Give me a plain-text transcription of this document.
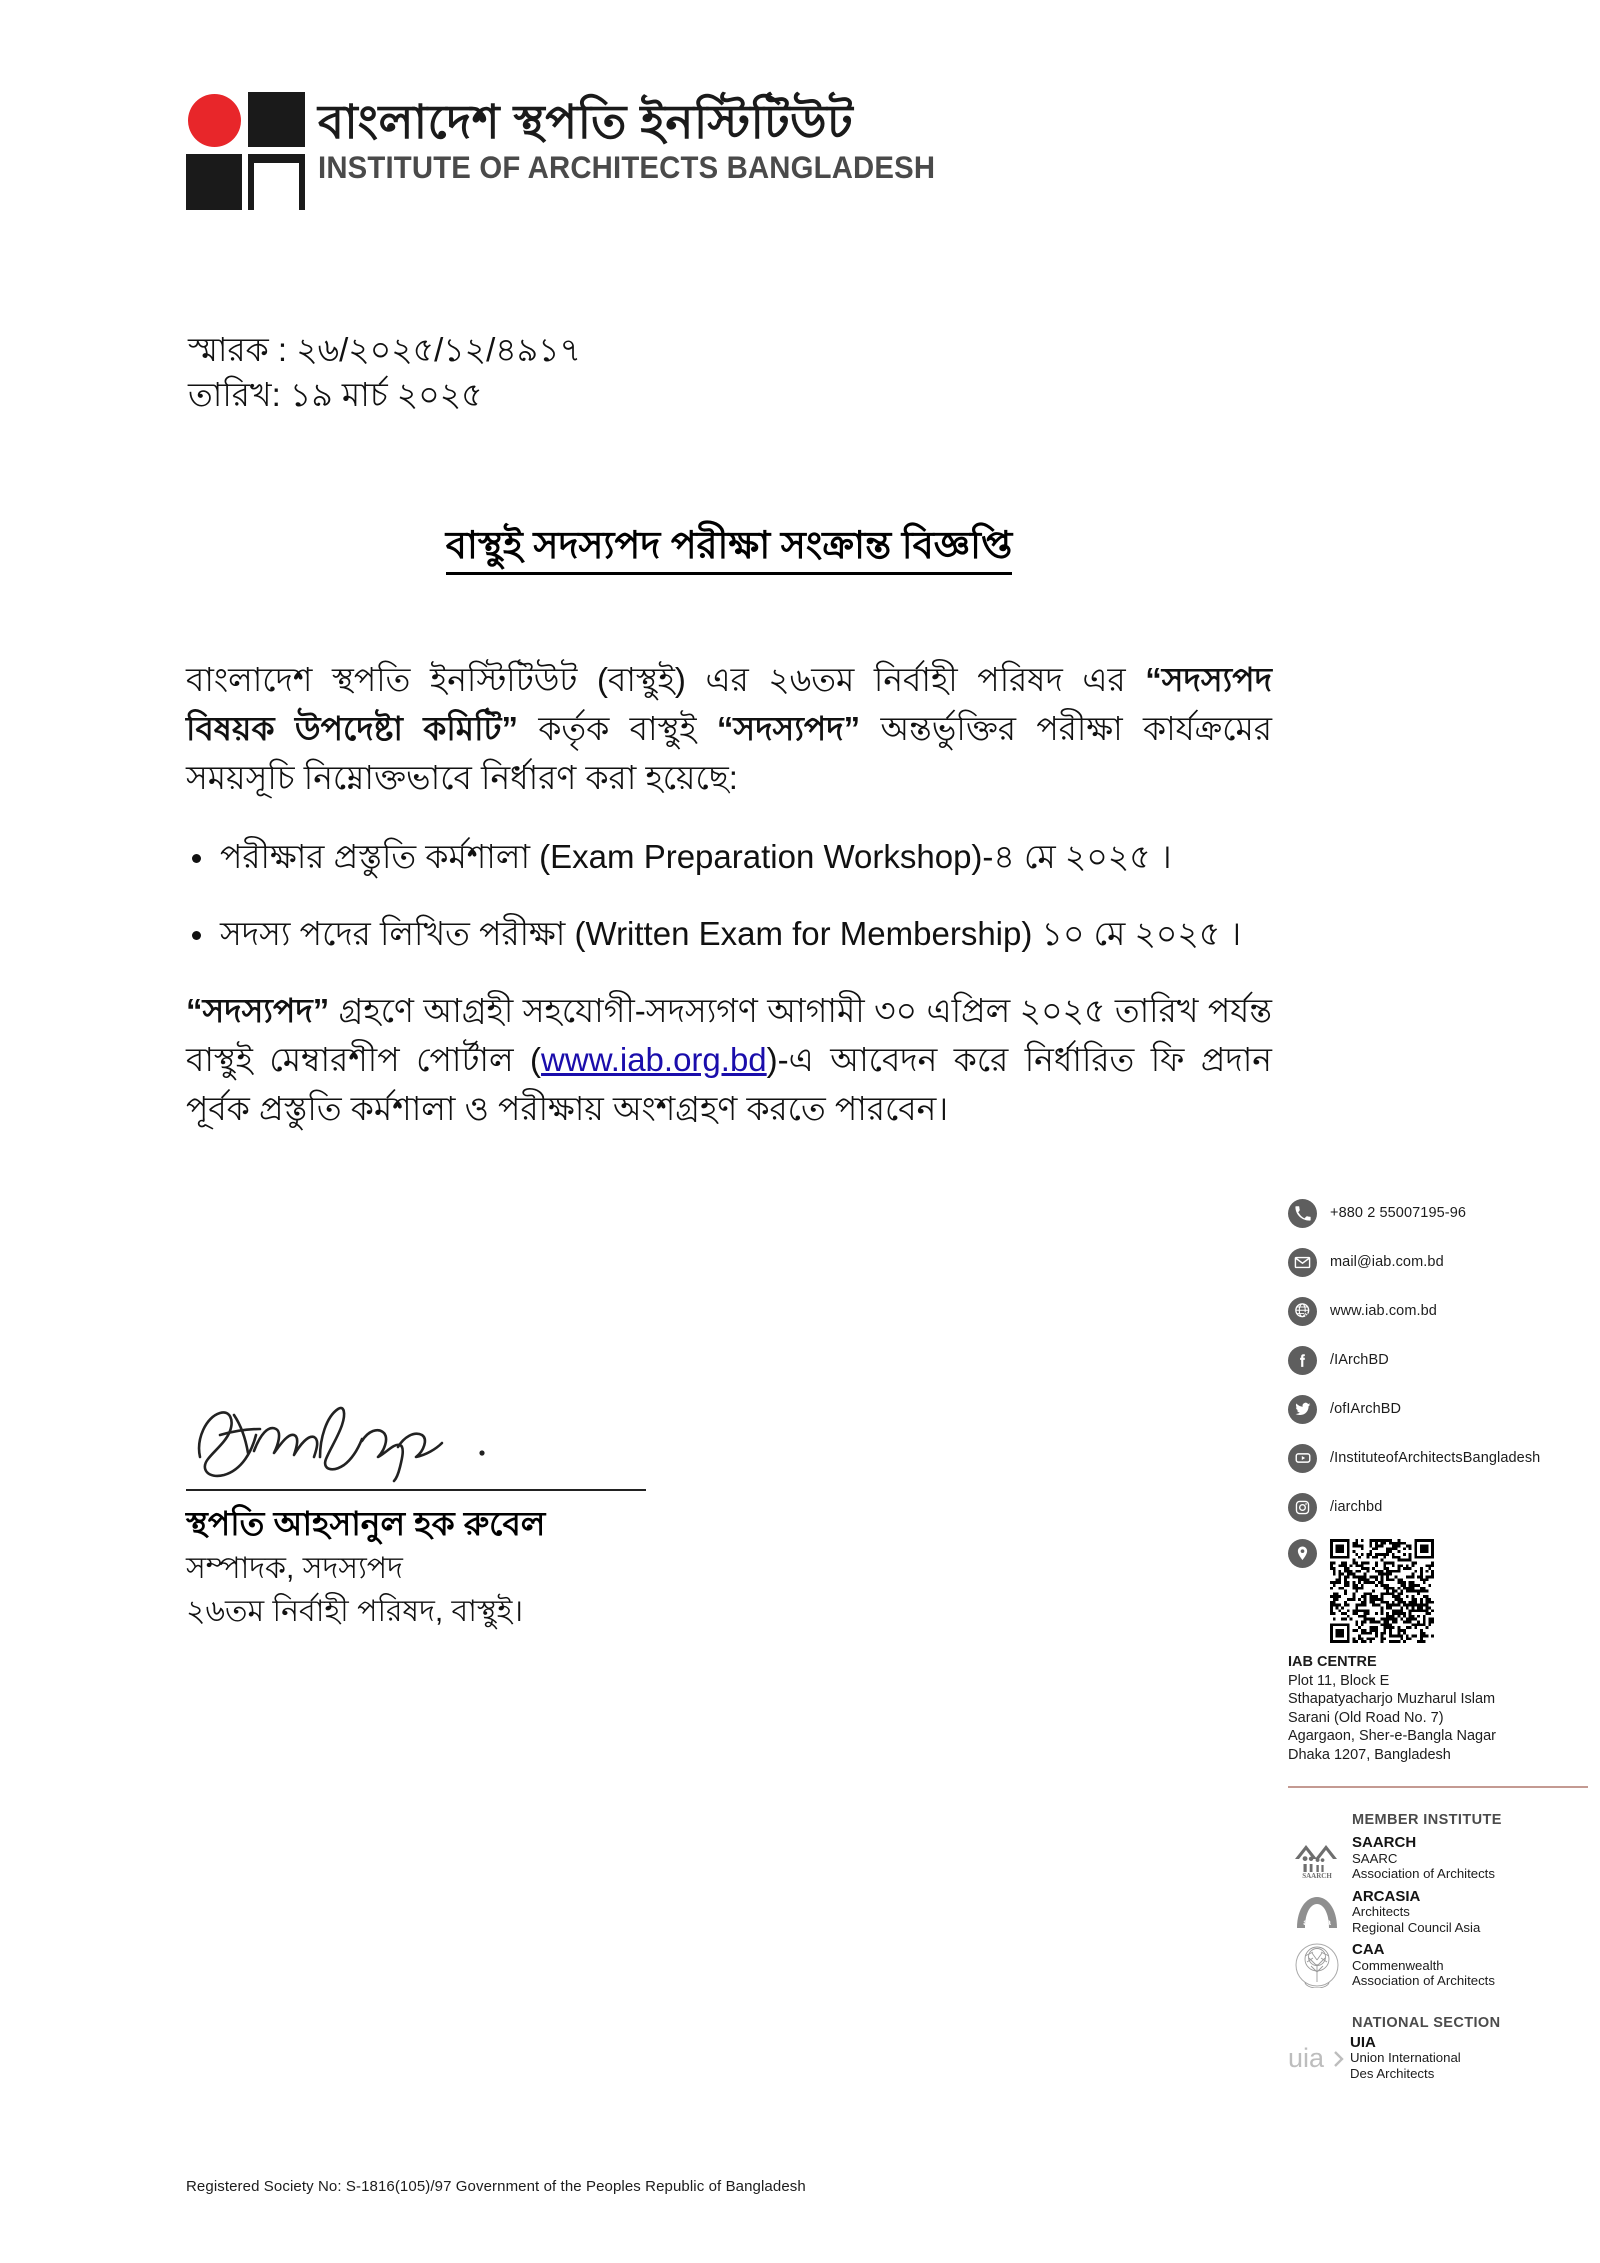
বাংলাদেশ স্থপতি ইনস্টিটিউট
INSTITUTE OF ARCHITECTS BANGLADESH
স্মারক : ২৬/২০২৫/১২/৪৯১৭
তারিখ: ১৯ মার্চ ২০২৫
বাস্থুই সদস্যপদ পরীক্ষা সংক্রান্ত বিজ্ঞপ্তি

বাংলাদেশ স্থপতি ইনস্টিটিউট (বাস্থুই) এর ২৬তম নির্বাহী পরিষদ এর “সদস্যপদ বিষয়ক উপদেষ্টা কমিটি” কর্তৃক বাস্থুই “সদস্যপদ” অন্তর্ভুক্তির পরীক্ষা কার্যক্রমের সময়সূচি নিম্নোক্তভাবে নির্ধারণ করা হয়েছে:

পরীক্ষার প্রস্তুতি কর্মশালা (Exam Preparation Workshop)-৪ মে ২০২৫ ।
সদস্য পদের লিখিত পরীক্ষা (Written Exam for Membership) ১০ মে ২০২৫ ।

“সদস্যপদ” গ্রহণে আগ্রহী সহযোগী-সদস্যগণ আগামী ৩০ এপ্রিল ২০২৫ তারিখ পর্যন্ত বাস্থুই মেম্বারশীপ পোর্টাল (www.iab.org.bd)-এ আবেদন করে নির্ধারিত ফি প্রদান পূর্বক প্রস্তুতি কর্মশালা ও পরীক্ষায় অংশগ্রহণ করতে পারবেন।

স্থপতি আহসানুল হক রুবেল
সম্পাদক, সদস্যপদ
২৬তম নির্বাহী পরিষদ, বাস্থুই।
+880 2 55007195-96
mail@iab.com.bd
www.iab.com.bd
/IArchBD
/ofIArchBD
/InstituteofArchitectsBangladesh
/iarchbd
IAB CENTRE
Plot 11, Block E
Sthapatyacharjo Muzharul Islam
Sarani (Old Road No. 7)
Agargaon, Sher-e-Bangla Nagar
Dhaka 1207, Bangladesh
MEMBER INSTITUTE
SAARCH
SAARCH
SAARC
Association of Architects
arcasia
ARCASIA
Architects
Regional Council Asia
CAA
Commenwealth
Association of Architects
NATIONAL SECTION
uia
UIA
Union International
Des Architects
Registered Society No: S-1816(105)/97 Government of the Peoples Republic of Bangladesh
